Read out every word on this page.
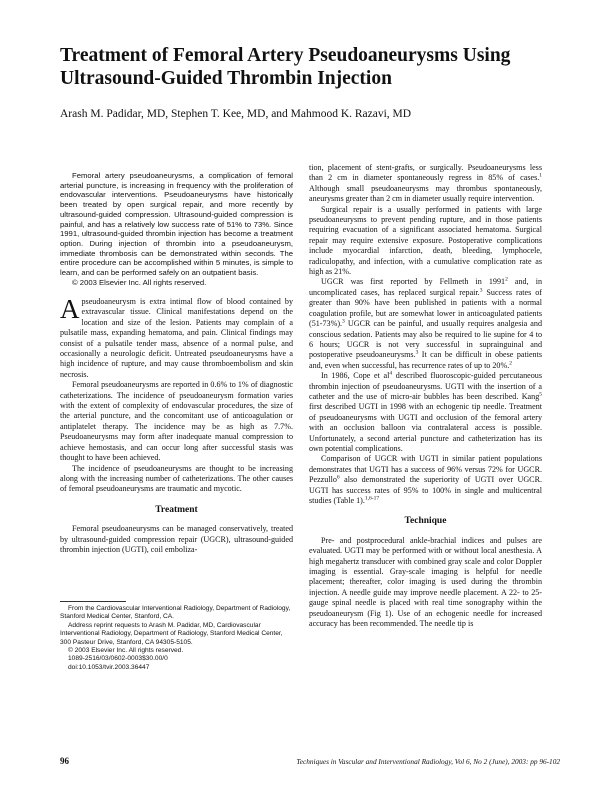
Treatment of Femoral Artery Pseudoaneurysms Using Ultrasound-Guided Thrombin Injection

Arash M. Padidar, MD, Stephen T. Kee, MD, and Mahmood K. Razavi, MD

Femoral artery pseudoaneurysms, a complication of femoral arterial puncture, is increasing in frequency with the proliferation of endovascular interventions. Pseudoaneurysms have historically been treated by open surgical repair, and more recently by ultrasound-guided compression. Ultrasound-guided compression is painful, and has a relatively low success rate of 51% to 73%. Since 1991, ultrasound-guided thrombin injection has become a treatment option. During injection of thrombin into a pseudoaneurysm, immediate thrombosis can be demonstrated within seconds. The entire procedure can be accomplished within 5 minutes, is simple to learn, and can be performed safely on an outpatient basis.

© 2003 Elsevier Inc. All rights reserved.

Apseudoaneurysm is extra intimal flow of blood contained by extravascular tissue. Clinical manifestations depend on the location and size of the lesion. Patients may complain of a pulsatile mass, expanding hematoma, and pain. Clinical findings may consist of a pulsatile tender mass, absence of a normal pulse, and occasionally a neurologic deficit. Untreated pseudoaneurysms have a high incidence of rupture, and may cause thromboembolism and skin necrosis.

Femoral pseudoaneurysms are reported in 0.6% to 1% of diagnostic catheterizations. The incidence of pseudoaneurysm formation varies with the extent of complexity of endovascular procedures, the size of the arterial puncture, and the concomitant use of anticoagulation or antiplatelet therapy. The incidence may be as high as 7.7%. Pseudoaneurysms may form after inadequate manual compression to achieve hemostasis, and can occur long after successful stasis was thought to have been achieved.

The incidence of pseudoaneurysms are thought to be increasing along with the increasing number of catheterizations. The other causes of femoral pseudoaneurysms are traumatic and mycotic.

Treatment

Femoral pseudoaneurysms can be managed conservatively, treated by ultrasound-guided compression repair (UGCR), ultrasound-guided thrombin injection (UGTI), coil emboliza-

From the Cardiovascular Interventional Radiology, Department of Radiology, Stanford Medical Center, Stanford, CA.
Address reprint requests to Arash M. Padidar, MD, Cardiovascular Interventional Radiology, Department of Radiology, Stanford Medical Center, 300 Pasteur Drive, Stanford, CA 94305-5105.
© 2003 Elsevier Inc. All rights reserved.
1089-2516/03/0602-0003$30.00/0
doi:10.1053/tvir.2003.36447

tion, placement of stent-grafts, or surgically. Pseudoaneurysms less than 2 cm in diameter spontaneously regress in 85% of cases.$^1$ Although small pseudoaneurysms may thrombus spontaneously, aneurysms greater than 2 cm in diameter usually require intervention.

Surgical repair is a usually performed in patients with large pseudoaneurysms to prevent pending rupture, and in those patients requiring evacuation of a significant associated hematoma. Surgical repair may require extensive exposure. Postoperative complications include myocardial infarction, death, bleeding, lymphocele, radiculopathy, and infection, with a cumulative complication rate as high as 21%.

UGCR was first reported by Fellmeth in 1991$^2$ and, in uncomplicated cases, has replaced surgical repair.$^3$ Success rates of greater than 90% have been published in patients with a normal coagulation profile, but are somewhat lower in anticoagulated patients (51-73%).$^3$ UGCR can be painful, and usually requires analgesia and conscious sedation. Patients may also be required to lie supine for 4 to 6 hours; UGCR is not very successful in suprainguinal and postoperative pseudoaneurysms.$^3$ It can be difficult in obese patients and, even when successful, has recurrence rates of up to 20%.$^2$

In 1986, Cope et $al^4$ described fluoroscopic-guided percutaneous thrombin injection of pseudoaneurysms. UGTI with the insertion of a catheter and the use of micro-air bubbles has been described. Kang$^5$ first described UGTI in 1998 with an echogenic tip needle. Treatment of pseudoaneurysms with UGTI and occlusion of the femoral artery with an occlusion balloon via contralateral access is possible. Unfortunately, a second arterial puncture and catheterization has its own potential complications.

Comparison of UGCR with UGTI in similar patient populations demonstrates that UGTI has a success of 96% versus 72% for UGCR. Pezzullo$^6$ also demonstrated the superiority of UGTI over UGCR. UGTI has success rates of 95% to 100% in single and multicentral studies (Table 1).$^{1,6-17}$

Technique

Pre- and postprocedural ankle-brachial indices and pulses are evaluated. UGTI may be performed with or without local anesthesia. A high megahertz transducer with combined gray scale and color Doppler imaging is essential. Gray-scale imaging is helpful for needle placement; thereafter, color imaging is used during the thrombin injection. A needle guide may improve needle placement. A 22- to 25-gauge spinal needle is placed with real time sonography within the pseudoaneurysm (Fig 1). Use of an echogenic needle for increased accuracy has been recommended. The needle tip is

96	Techniques in Vascular and Interventional Radiology, Vol 6, No 2 (June), 2003: pp 96-102
